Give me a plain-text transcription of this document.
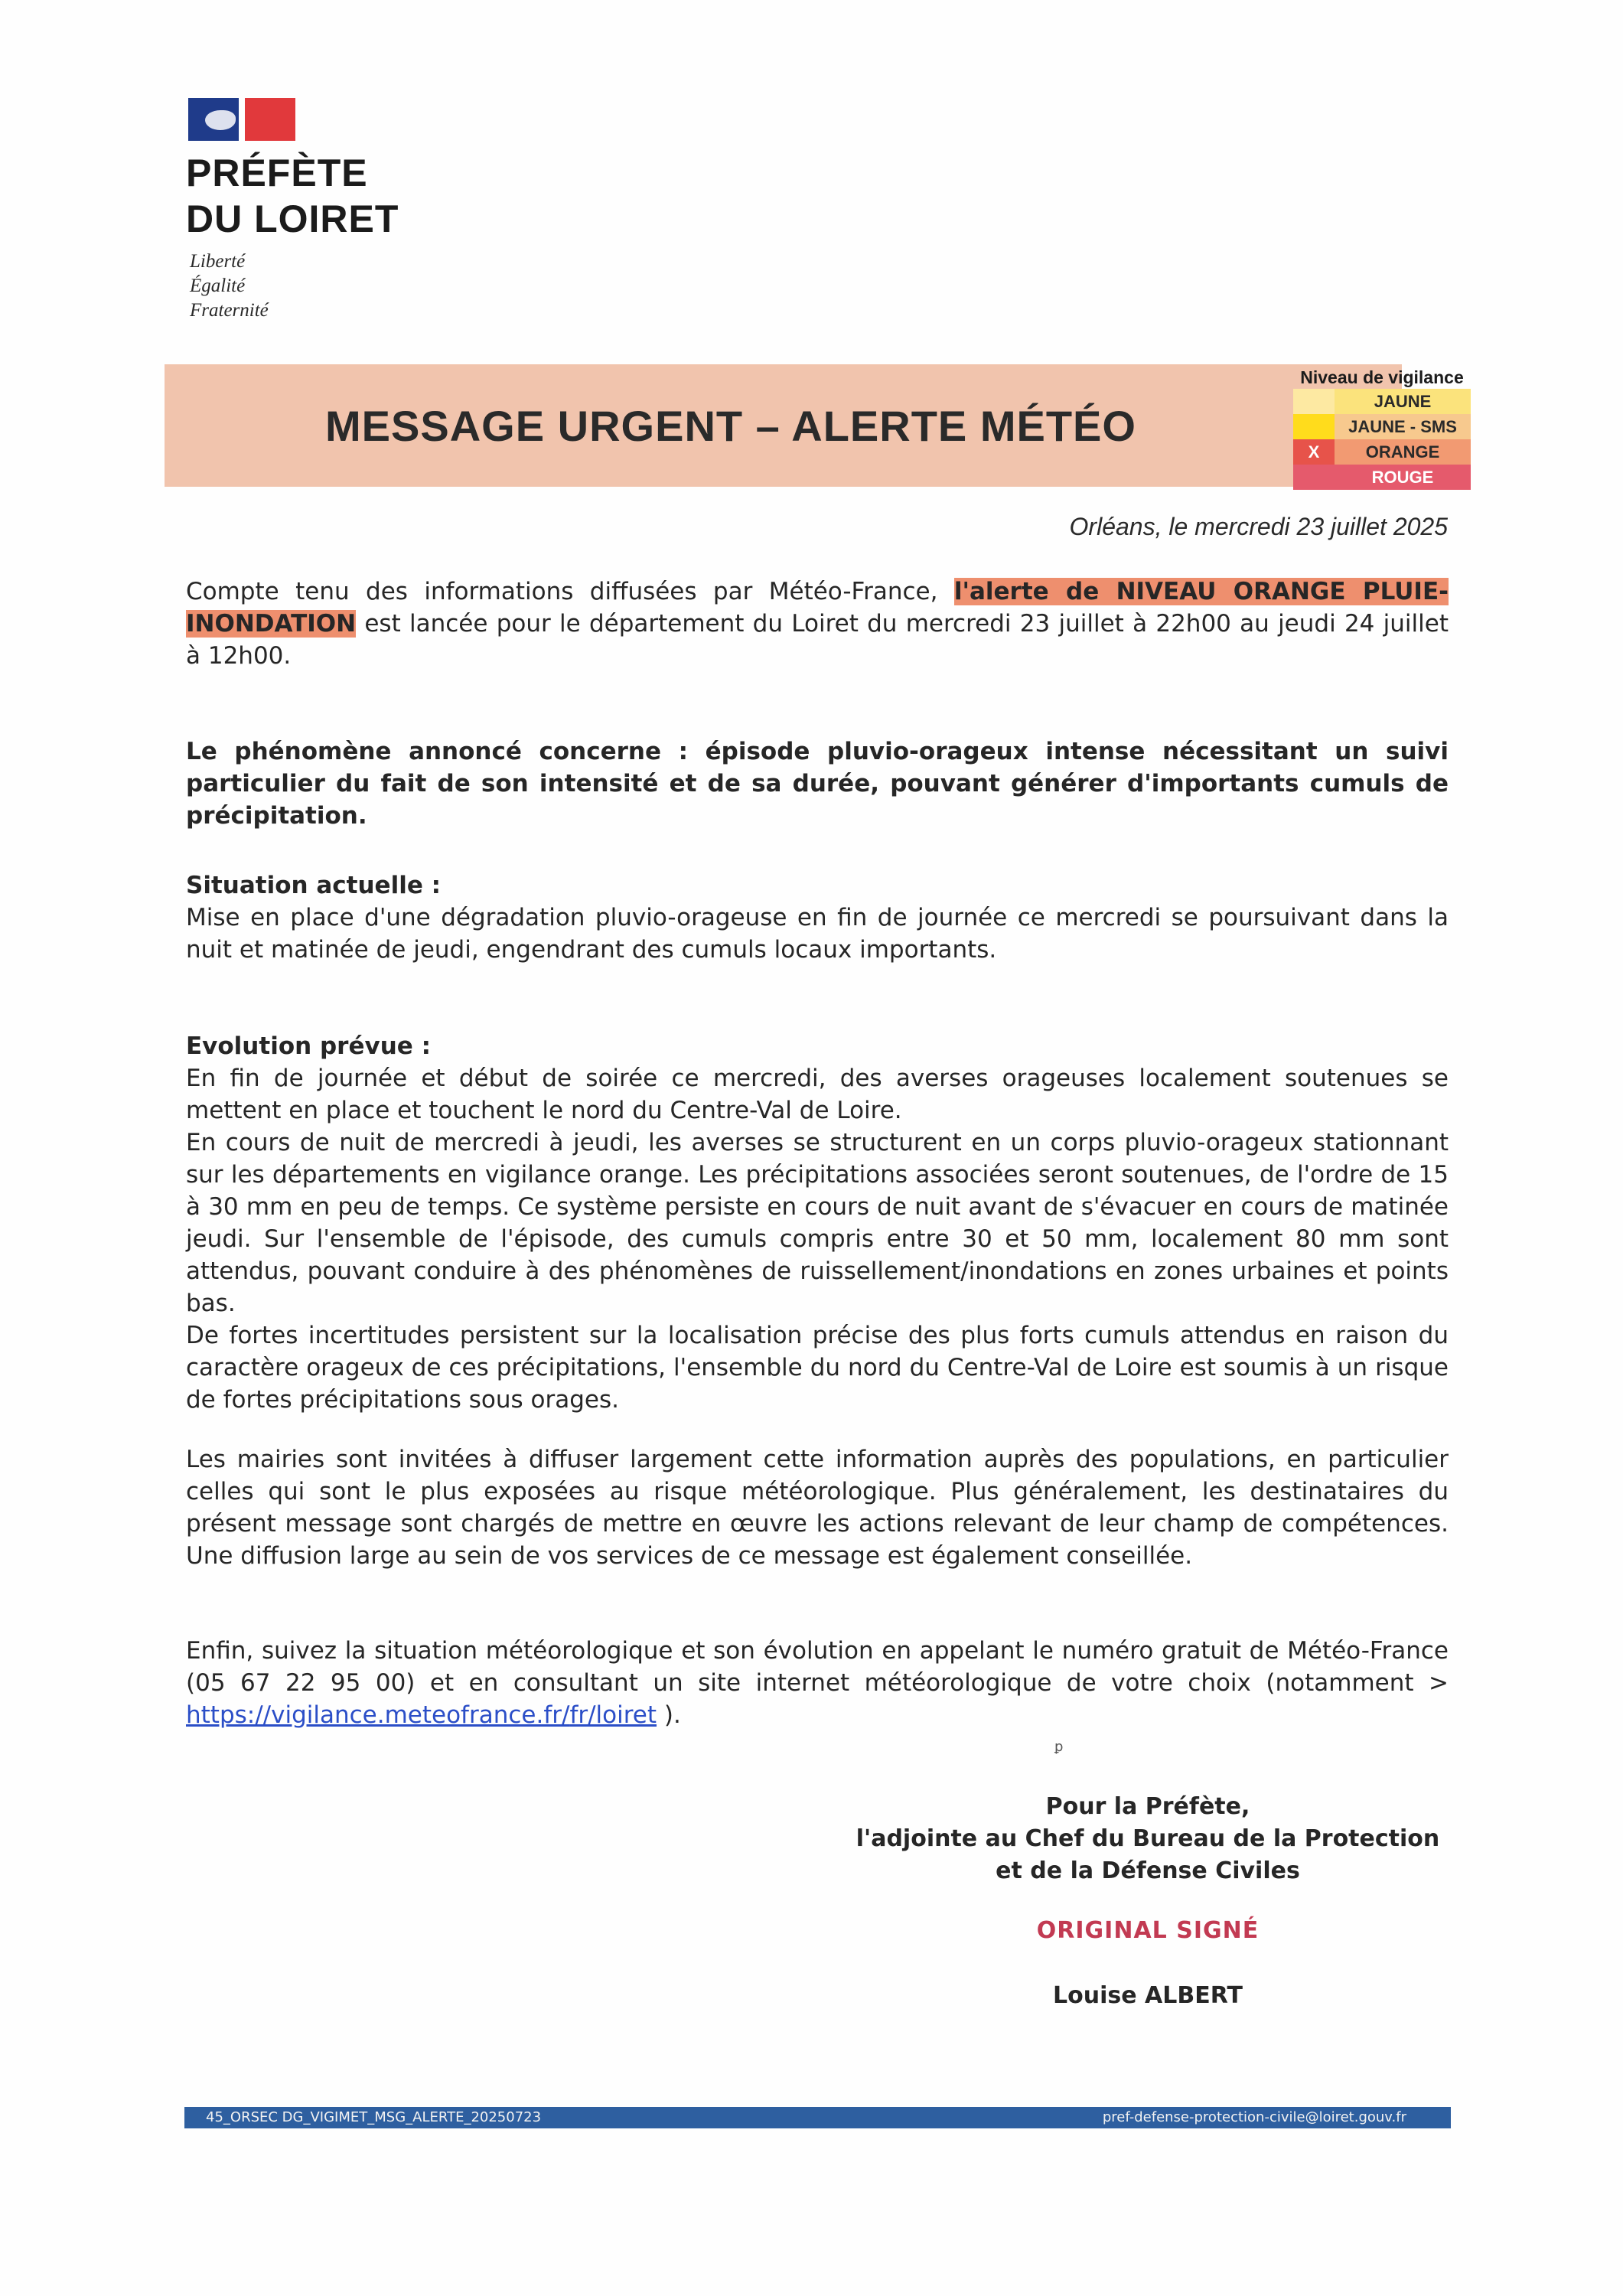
PRÉFÈTE
DU LOIRET
Liberté
Égalité
Fraternité
MESSAGE URGENT – ALERTE MÉTÉO
Niveau de vigilance
JAUNE
JAUNE - SMS
X	ORANGE
ROUGE
Orléans, le mercredi 23 juillet 2025

Compte tenu des informations diffusées par Météo-France, l'alerte de NIVEAU ORANGE PLUIE-INONDATION est lancée pour le département du Loiret du mercredi 23 juillet à 22h00 au jeudi 24 juillet à 12h00.

Le phénomène annoncé concerne : épisode pluvio-orageux intense nécessitant un suivi particulier du fait de son intensité et de sa durée, pouvant générer d'importants cumuls de précipitation.

Situation actuelle :

Mise en place d'une dégradation pluvio-orageuse en fin de journée ce mercredi se poursuivant dans la nuit et matinée de jeudi, engendrant des cumuls locaux importants.

Evolution prévue :

En fin de journée et début de soirée ce mercredi, des averses orageuses localement soutenues se mettent en place et touchent le nord du Centre-Val de Loire.

En cours de nuit de mercredi à jeudi, les averses se structurent en un corps pluvio-orageux stationnant sur les départements en vigilance orange. Les précipitations associées seront soutenues, de l'ordre de 15 à 30 mm en peu de temps. Ce système persiste en cours de nuit avant de s'évacuer en cours de matinée jeudi. Sur l'ensemble de l'épisode, des cumuls compris entre 30 et 50 mm, localement 80 mm sont attendus, pouvant conduire à des phénomènes de ruissellement/inondations en zones urbaines et points bas.

De fortes incertitudes persistent sur la localisation précise des plus forts cumuls attendus en raison du caractère orageux de ces précipitations, l'ensemble du nord du Centre-Val de Loire est soumis à un risque de fortes précipitations sous orages.

Les mairies sont invitées à diffuser largement cette information auprès des populations, en particulier celles qui sont le plus exposées au risque météorologique. Plus généralement, les destinataires du présent message sont chargés de mettre en œuvre les actions relevant de leur champ de compétences. Une diffusion large au sein de vos services de ce message est également conseillée.

Enfin, suivez la situation météorologique et son évolution en appelant le numéro gratuit de Météo-France (05 67 22 95 00) et en consultant un site internet météorologique de votre choix (notamment > https://vigilance.meteofrance.fr/fr/loiret ).

ꝑ
Pour la Préfète,
l'adjointe au Chef du Bureau de la Protection
et de la Défense Civiles
ORIGINAL SIGNÉ
Louise ALBERT
45_ORSEC DG_VIGIMET_MSG_ALERTE_20250723	pref-defense-protection-civile@loiret.gouv.fr
